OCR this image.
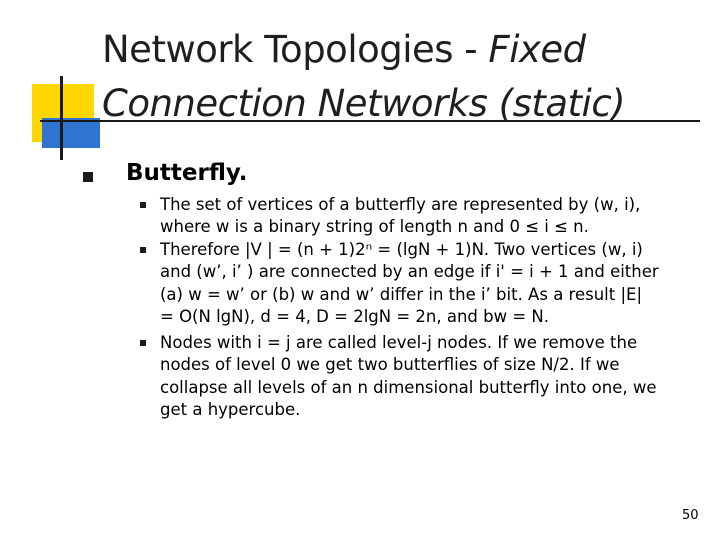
Network Topologies - Fixed
Connection Networks (static)
Butterfly.
The set of vertices of a butterfly are represented by (w, i),
where w is a binary string of length n and 0 ≤ i ≤ n.
Therefore |V | = (n + 1)2ⁿ = (lgN + 1)N. Two vertices (w, i)
and (w’, i’ ) are connected by an edge if i' = i + 1 and either
(a) w = w’ or (b) w and w’ differ in the i’ bit. As a result |E|
= O(N lgN), d = 4, D = 2lgN = 2n, and bw = N.
Nodes with i = j are called level-j nodes. If we remove the
nodes of level 0 we get two butterflies of size N/2. If we
collapse all levels of an n dimensional butterfly into one, we
get a hypercube.
50
